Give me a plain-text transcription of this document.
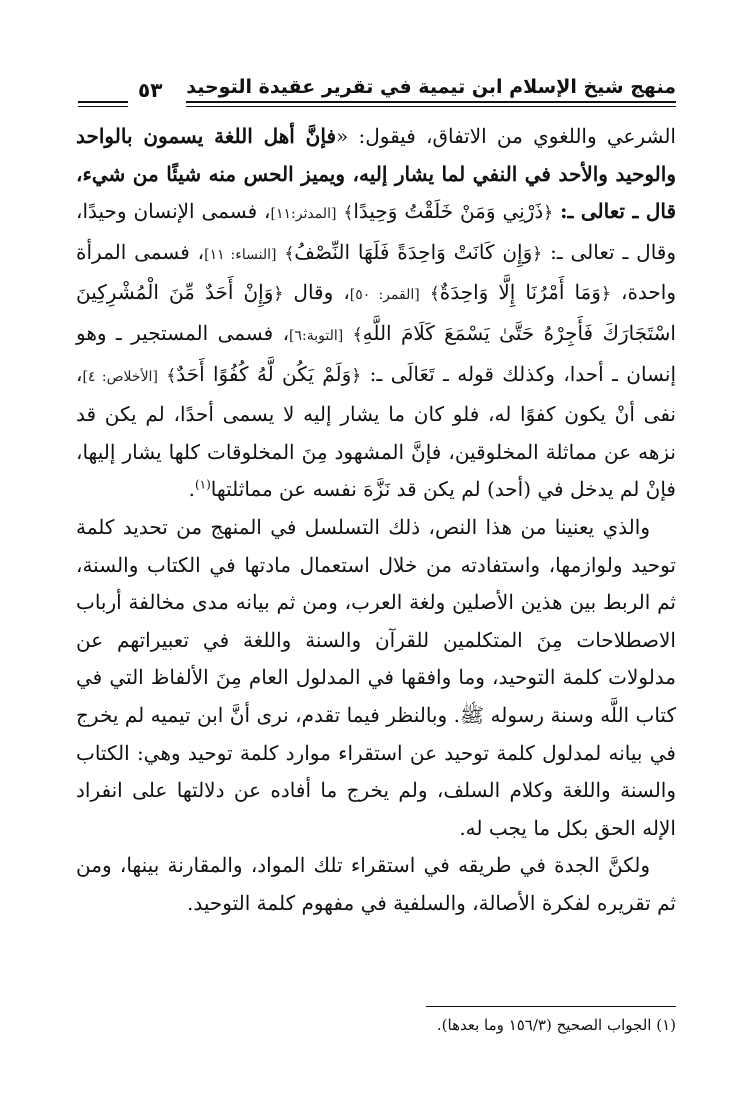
منهج شيخ الإسلام ابن تيمية في تقرير عقيدة التوحيد
٥٣

الشرعي واللغوي من الاتفاق، فيقول: «فإنَّ أهل اللغة يسمون بالواحد والوحيد والأحد في النفي لما يشار إليه، ويميز الحس منه شيئًا من شيء، قال ـ تعالى ـ: ﴿ذَرْنِي وَمَنْ خَلَقْتُ وَحِيدًا﴾ [المدثر:١١]، فسمى الإنسان وحيدًا، وقال ـ تعالى ـ: ﴿وَإِن كَانَتْ وَاحِدَةً فَلَهَا النِّصْفُ﴾ [النساء: ١١]، فسمى المرأة واحدة، ﴿وَمَا أَمْرُنَا إِلَّا وَاحِدَةٌ﴾ [القمر: ٥٠]، وقال ﴿وَإِنْ أَحَدٌ مِّنَ الْمُشْرِكِينَ اسْتَجَارَكَ فَأَجِرْهُ حَتَّىٰ يَسْمَعَ كَلَامَ اللَّهِ﴾ [التوبة:٦]، فسمى المستجير ـ وهو إنسان ـ أحدا، وكذلك قوله ـ تَعَالَى ـ: ﴿وَلَمْ يَكُن لَّهُ كُفُوًا أَحَدٌ﴾ [الأخلاص: ٤]، نفى أنْ يكون كفوًا له، فلو كان ما يشار إليه لا يسمى أحدًا، لم يكن قد نزهه عن مماثلة المخلوقين، فإنَّ المشهود مِنَ المخلوقات كلها يشار إليها، فإنْ لم يدخل في (أحد) لم يكن قد نَزَّهَ نفسه عن مماثلتها$^{(١)}$.

والذي يعنينا من هذا النص، ذلك التسلسل في المنهج من تحديد كلمة توحيد ولوازمها، واستفادته من خلال استعمال مادتها في الكتاب والسنة، ثم الربط بين هذين الأصلين ولغة العرب، ومن ثم بيانه مدى مخالفة أرباب الاصطلاحات مِنَ المتكلمين للقرآن والسنة واللغة في تعبيراتهم عن مدلولات كلمة التوحيد، وما وافقها في المدلول العام مِنَ الألفاظ التي في كتاب اللَّه وسنة رسوله ﷺ. وبالنظر فيما تقدم، نرى أنَّ ابن تيميه لم يخرج في بيانه لمدلول كلمة توحيد عن استقراء موارد كلمة توحيد وهي: الكتاب والسنة واللغة وكلام السلف، ولم يخرج ما أفاده عن دلالتها على انفراد الإله الحق بكل ما يجب له.

ولكنَّ الجدة في طريقه في استقراء تلك المواد، والمقارنة بينها، ومن ثم تقريره لفكرة الأصالة، والسلفية في مفهوم كلمة التوحيد.

(١) الجواب الصحيح (١٥٦/٣ وما بعدها).
